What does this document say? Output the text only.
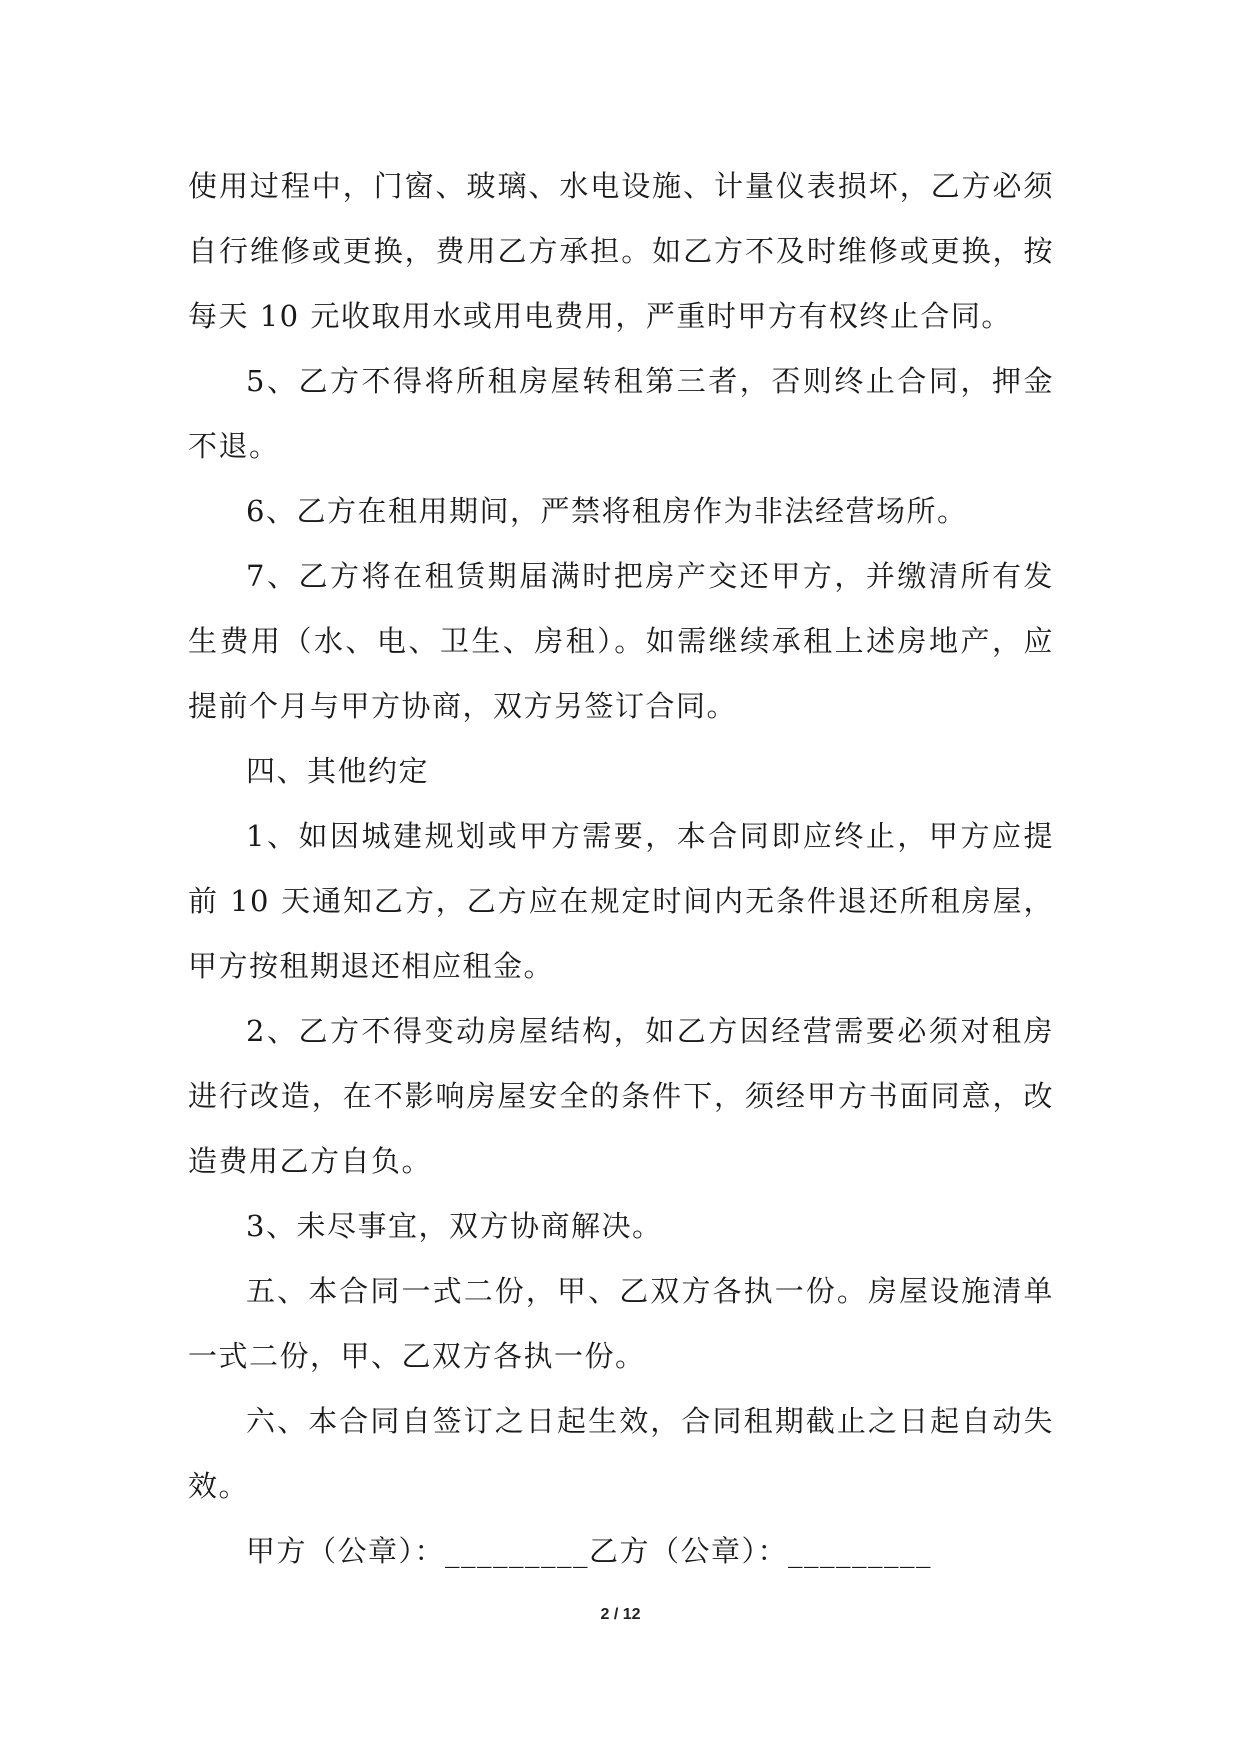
使用过程中，门窗、玻璃、水电设施、计量仪表损坏，乙方必须自行维修或更换，费用乙方承担。如乙方不及时维修或更换，按每天 10 元收取用水或用电费用，严重时甲方有权终止合同。

5、乙方不得将所租房屋转租第三者，否则终止合同，押金不退。

6、乙方在租用期间，严禁将租房作为非法经营场所。

7、乙方将在租赁期届满时把房产交还甲方，并缴清所有发生费用（水、电、卫生、房租）。如需继续承租上述房地产，应提前个月与甲方协商，双方另签订合同。

四、其他约定

1、如因城建规划或甲方需要，本合同即应终止，甲方应提前 10 天通知乙方，乙方应在规定时间内无条件退还所租房屋，甲方按租期退还相应租金。

2、乙方不得变动房屋结构，如乙方因经营需要必须对租房进行改造，在不影响房屋安全的条件下，须经甲方书面同意，改造费用乙方自负。

3、未尽事宜，双方协商解决。

五、本合同一式二份，甲、乙双方各执一份。房屋设施清单一式二份，甲、乙双方各执一份。

六、本合同自签订之日起生效，合同租期截止之日起自动失效。

甲方（公章）：_________乙方（公章）：_________

2 / 12
